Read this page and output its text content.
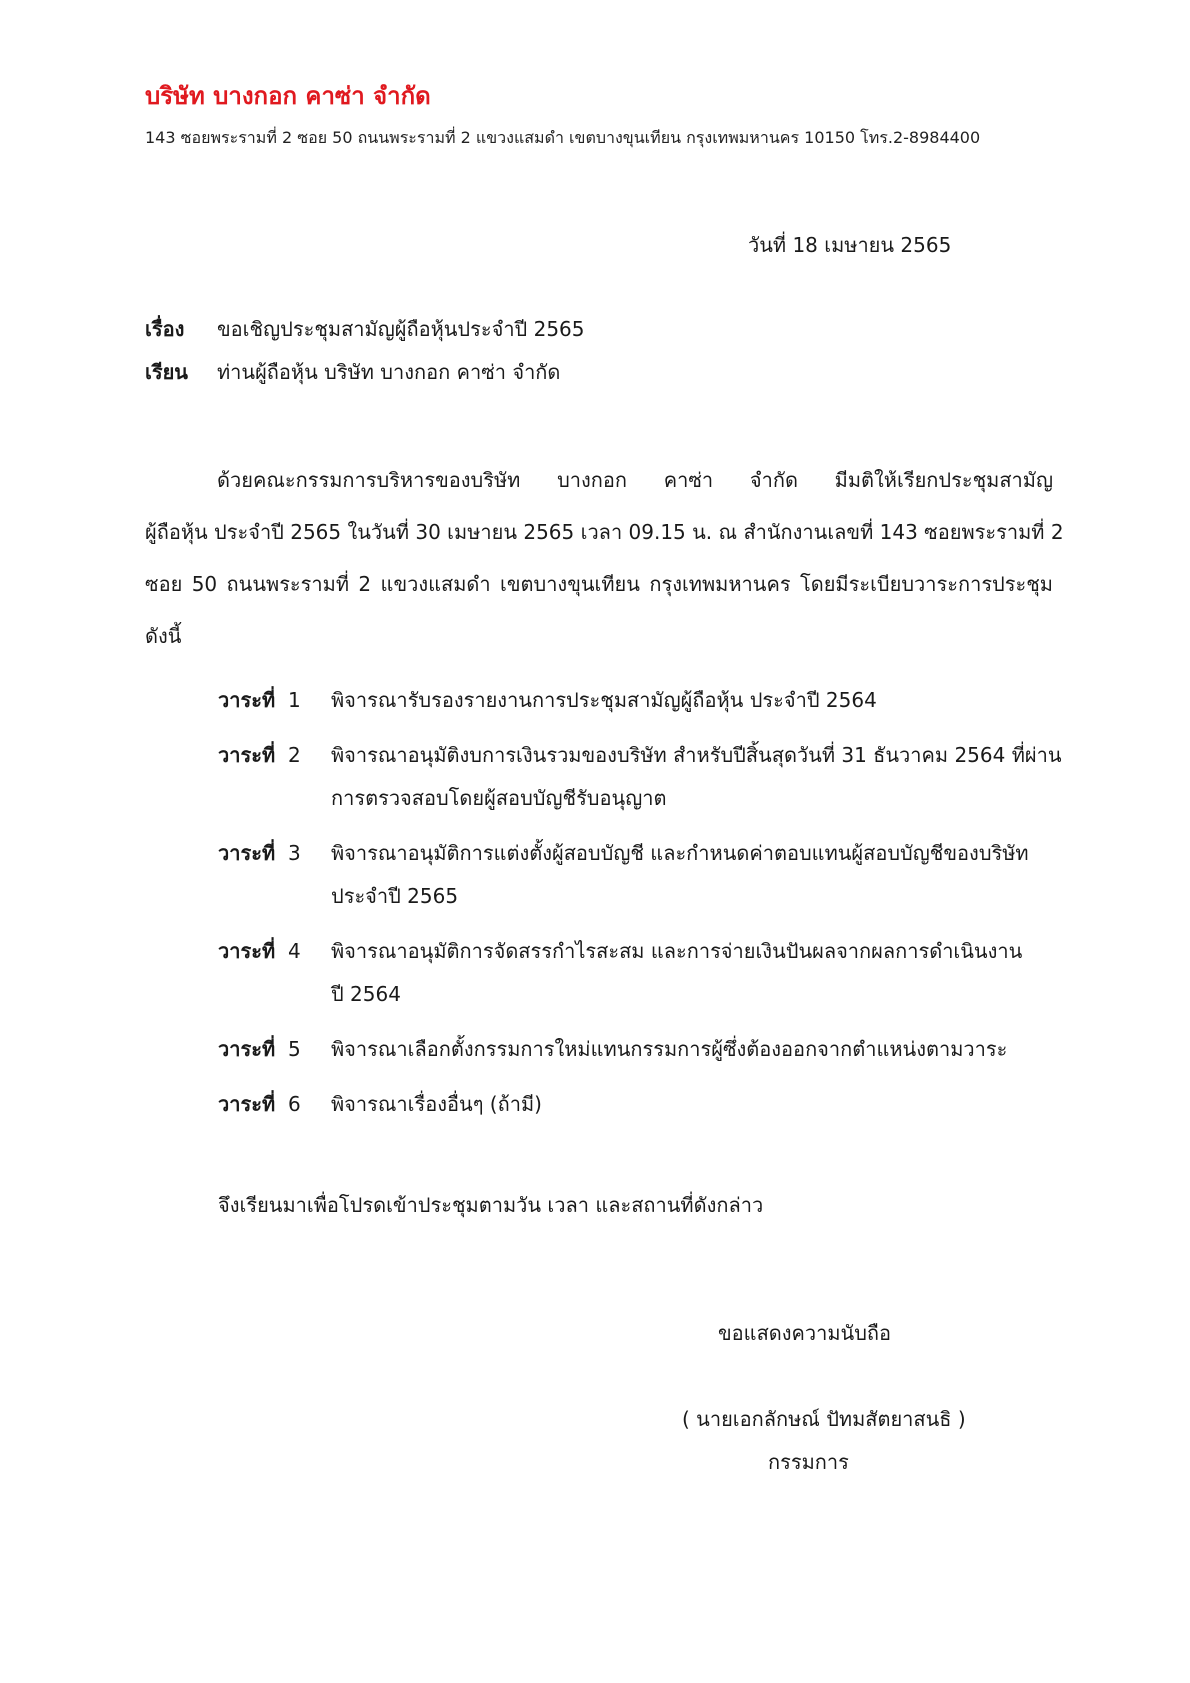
บริษัท บางกอก คาซ่า จำกัด
143 ซอยพระรามที่ 2 ซอย 50 ถนนพระรามที่ 2 แขวงแสมดำ เขตบางขุนเทียน กรุงเทพมหานคร 10150 โทร.2-8984400
วันที่ 18 เมษายน 2565
เรื่อง ขอเชิญประชุมสามัญผู้ถือหุ้นประจำปี 2565
เรียน ท่านผู้ถือหุ้น บริษัท บางกอก คาซ่า จำกัด
ด้วยคณะกรรมการบริหารของบริษัท บางกอก คาซ่า จำกัด มีมติให้เรียกประชุมสามัญ
ผู้ถือหุ้น ประจำปี 2565 ในวันที่ 30 เมษายน 2565 เวลา 09.15 น. ณ สำนักงานเลขที่ 143 ซอยพระรามที่ 2
ซอย 50 ถนนพระรามที่ 2 แขวงแสมดำ เขตบางขุนเทียน กรุงเทพมหานคร โดยมีระเบียบวาระการประชุม
ดังนี้
วาระที่ 1 พิจารณารับรองรายงานการประชุมสามัญผู้ถือหุ้น ประจำปี 2564
วาระที่ 2 พิจารณาอนุมัติงบการเงินรวมของบริษัท สำหรับปีสิ้นสุดวันที่ 31 ธันวาคม 2564 ที่ผ่าน
การตรวจสอบโดยผู้สอบบัญชีรับอนุญาต
วาระที่ 3 พิจารณาอนุมัติการแต่งตั้งผู้สอบบัญชี และกำหนดค่าตอบแทนผู้สอบบัญชีของบริษัท
ประจำปี 2565
วาระที่ 4 พิจารณาอนุมัติการจัดสรรกำไรสะสม และการจ่ายเงินปันผลจากผลการดำเนินงาน
ปี 2564
วาระที่ 5 พิจารณาเลือกตั้งกรรมการใหม่แทนกรรมการผู้ซึ่งต้องออกจากตำแหน่งตามวาระ
วาระที่ 6 พิจารณาเรื่องอื่นๆ (ถ้ามี)
จึงเรียนมาเพื่อโปรดเข้าประชุมตามวัน เวลา และสถานที่ดังกล่าว
ขอแสดงความนับถือ
( นายเอกลักษณ์ ปัทมสัตยาสนธิ )
กรรมการ
